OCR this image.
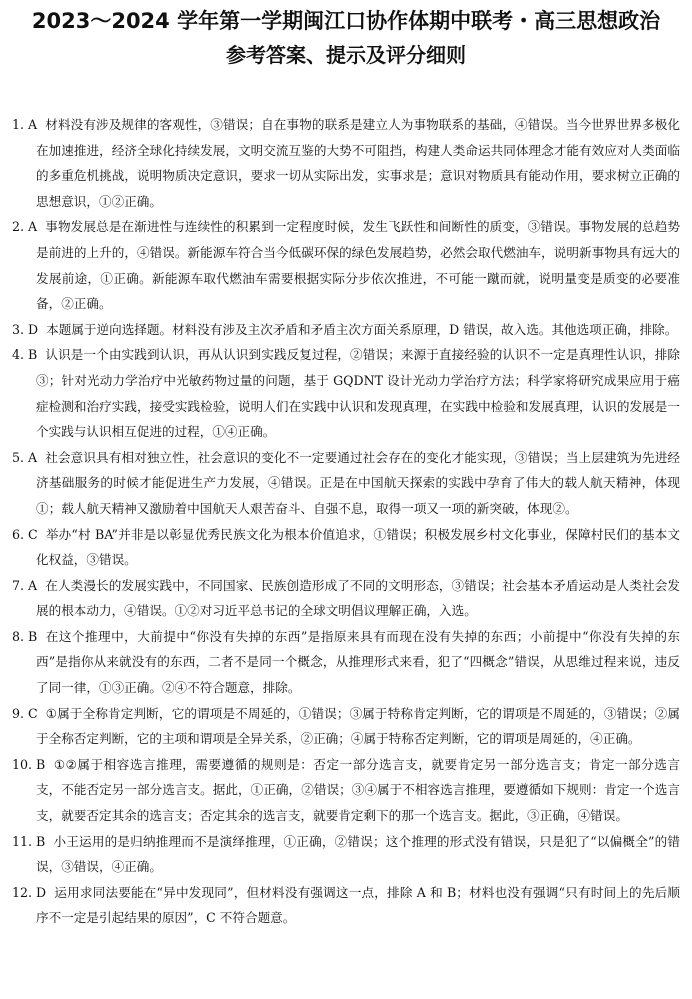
2023～2024 学年第一学期闽江口协作体期中联考・高三思想政治
参考答案、提示及评分细则

1. A 材料没有涉及规律的客观性，③错误；自在事物的联系是建立人为事物联系的基础，④错误。当今世界世界多极化在加速推进，经济全球化持续发展，文明交流互鉴的大势不可阻挡，构建人类命运共同体理念才能有效应对人类面临的多重危机挑战，说明物质决定意识，要求一切从实际出发，实事求是；意识对物质具有能动作用，要求树立正确的思想意识，①②正确。

2. A 事物发展总是在渐进性与连续性的积累到一定程度时候，发生飞跃性和间断性的质变，③错误。事物发展的总趋势是前进的上升的，④错误。新能源车符合当今低碳环保的绿色发展趋势，必然会取代燃油车，说明新事物具有远大的发展前途，①正确。新能源车取代燃油车需要根据实际分步依次推进，不可能一蹴而就，说明量变是质变的必要准备，②正确。

3. D 本题属于逆向选择题。材料没有涉及主次矛盾和矛盾主次方面关系原理，D 错误，故入选。其他选项正确，排除。

4. B 认识是一个由实践到认识，再从认识到实践反复过程，②错误；来源于直接经验的认识不一定是真理性认识，排除③；针对光动力学治疗中光敏药物过量的问题，基于 GQDNT 设计光动力学治疗方法；科学家将研究成果应用于癌症检测和治疗实践，接受实践检验，说明人们在实践中认识和发现真理，在实践中检验和发展真理，认识的发展是一个实践与认识相互促进的过程，①④正确。

5. A 社会意识具有相对独立性，社会意识的变化不一定要通过社会存在的变化才能实现，③错误；当上层建筑为先进经济基础服务的时候才能促进生产力发展，④错误。正是在中国航天探索的实践中孕育了伟大的载人航天精神，体现①；载人航天精神又激励着中国航天人艰苦奋斗、自强不息，取得一项又一项的新突破，体现②。

6. C 举办“村 BA”并非是以彰显优秀民族文化为根本价值追求，①错误；积极发展乡村文化事业，保障村民们的基本文化权益，③错误。

7. A 在人类漫长的发展实践中，不同国家、民族创造形成了不同的文明形态，③错误；社会基本矛盾运动是人类社会发展的根本动力，④错误。①②对习近平总书记的全球文明倡议理解正确，入选。

8. B 在这个推理中，大前提中“你没有失掉的东西”是指原来具有而现在没有失掉的东西；小前提中“你没有失掉的东西”是指你从来就没有的东西，二者不是同一个概念，从推理形式来看，犯了“四概念”错误，从思维过程来说，违反了同一律，①③正确。②④不符合题意，排除。

9. C ①属于全称肯定判断，它的谓项是不周延的，①错误；③属于特称肯定判断，它的谓项是不周延的，③错误；②属于全称否定判断，它的主项和谓项是全异关系，②正确；④属于特称否定判断，它的谓项是周延的，④正确。

10. B ①②属于相容选言推理，需要遵循的规则是：否定一部分选言支，就要肯定另一部分选言支；肯定一部分选言支，不能否定另一部分选言支。据此，①正确，②错误；③④属于不相容选言推理，要遵循如下规则：肯定一个选言支，就要否定其余的选言支；否定其余的选言支，就要肯定剩下的那一个选言支。据此，③正确，④错误。

11. B 小王运用的是归纳推理而不是演绎推理，①正确，②错误；这个推理的形式没有错误，只是犯了“以偏概全”的错误，③错误，④正确。

12. D 运用求同法要能在“异中发现同”，但材料没有强调这一点，排除 A 和 B；材料也没有强调“只有时间上的先后顺序不一定是引起结果的原因”，C 不符合题意。
